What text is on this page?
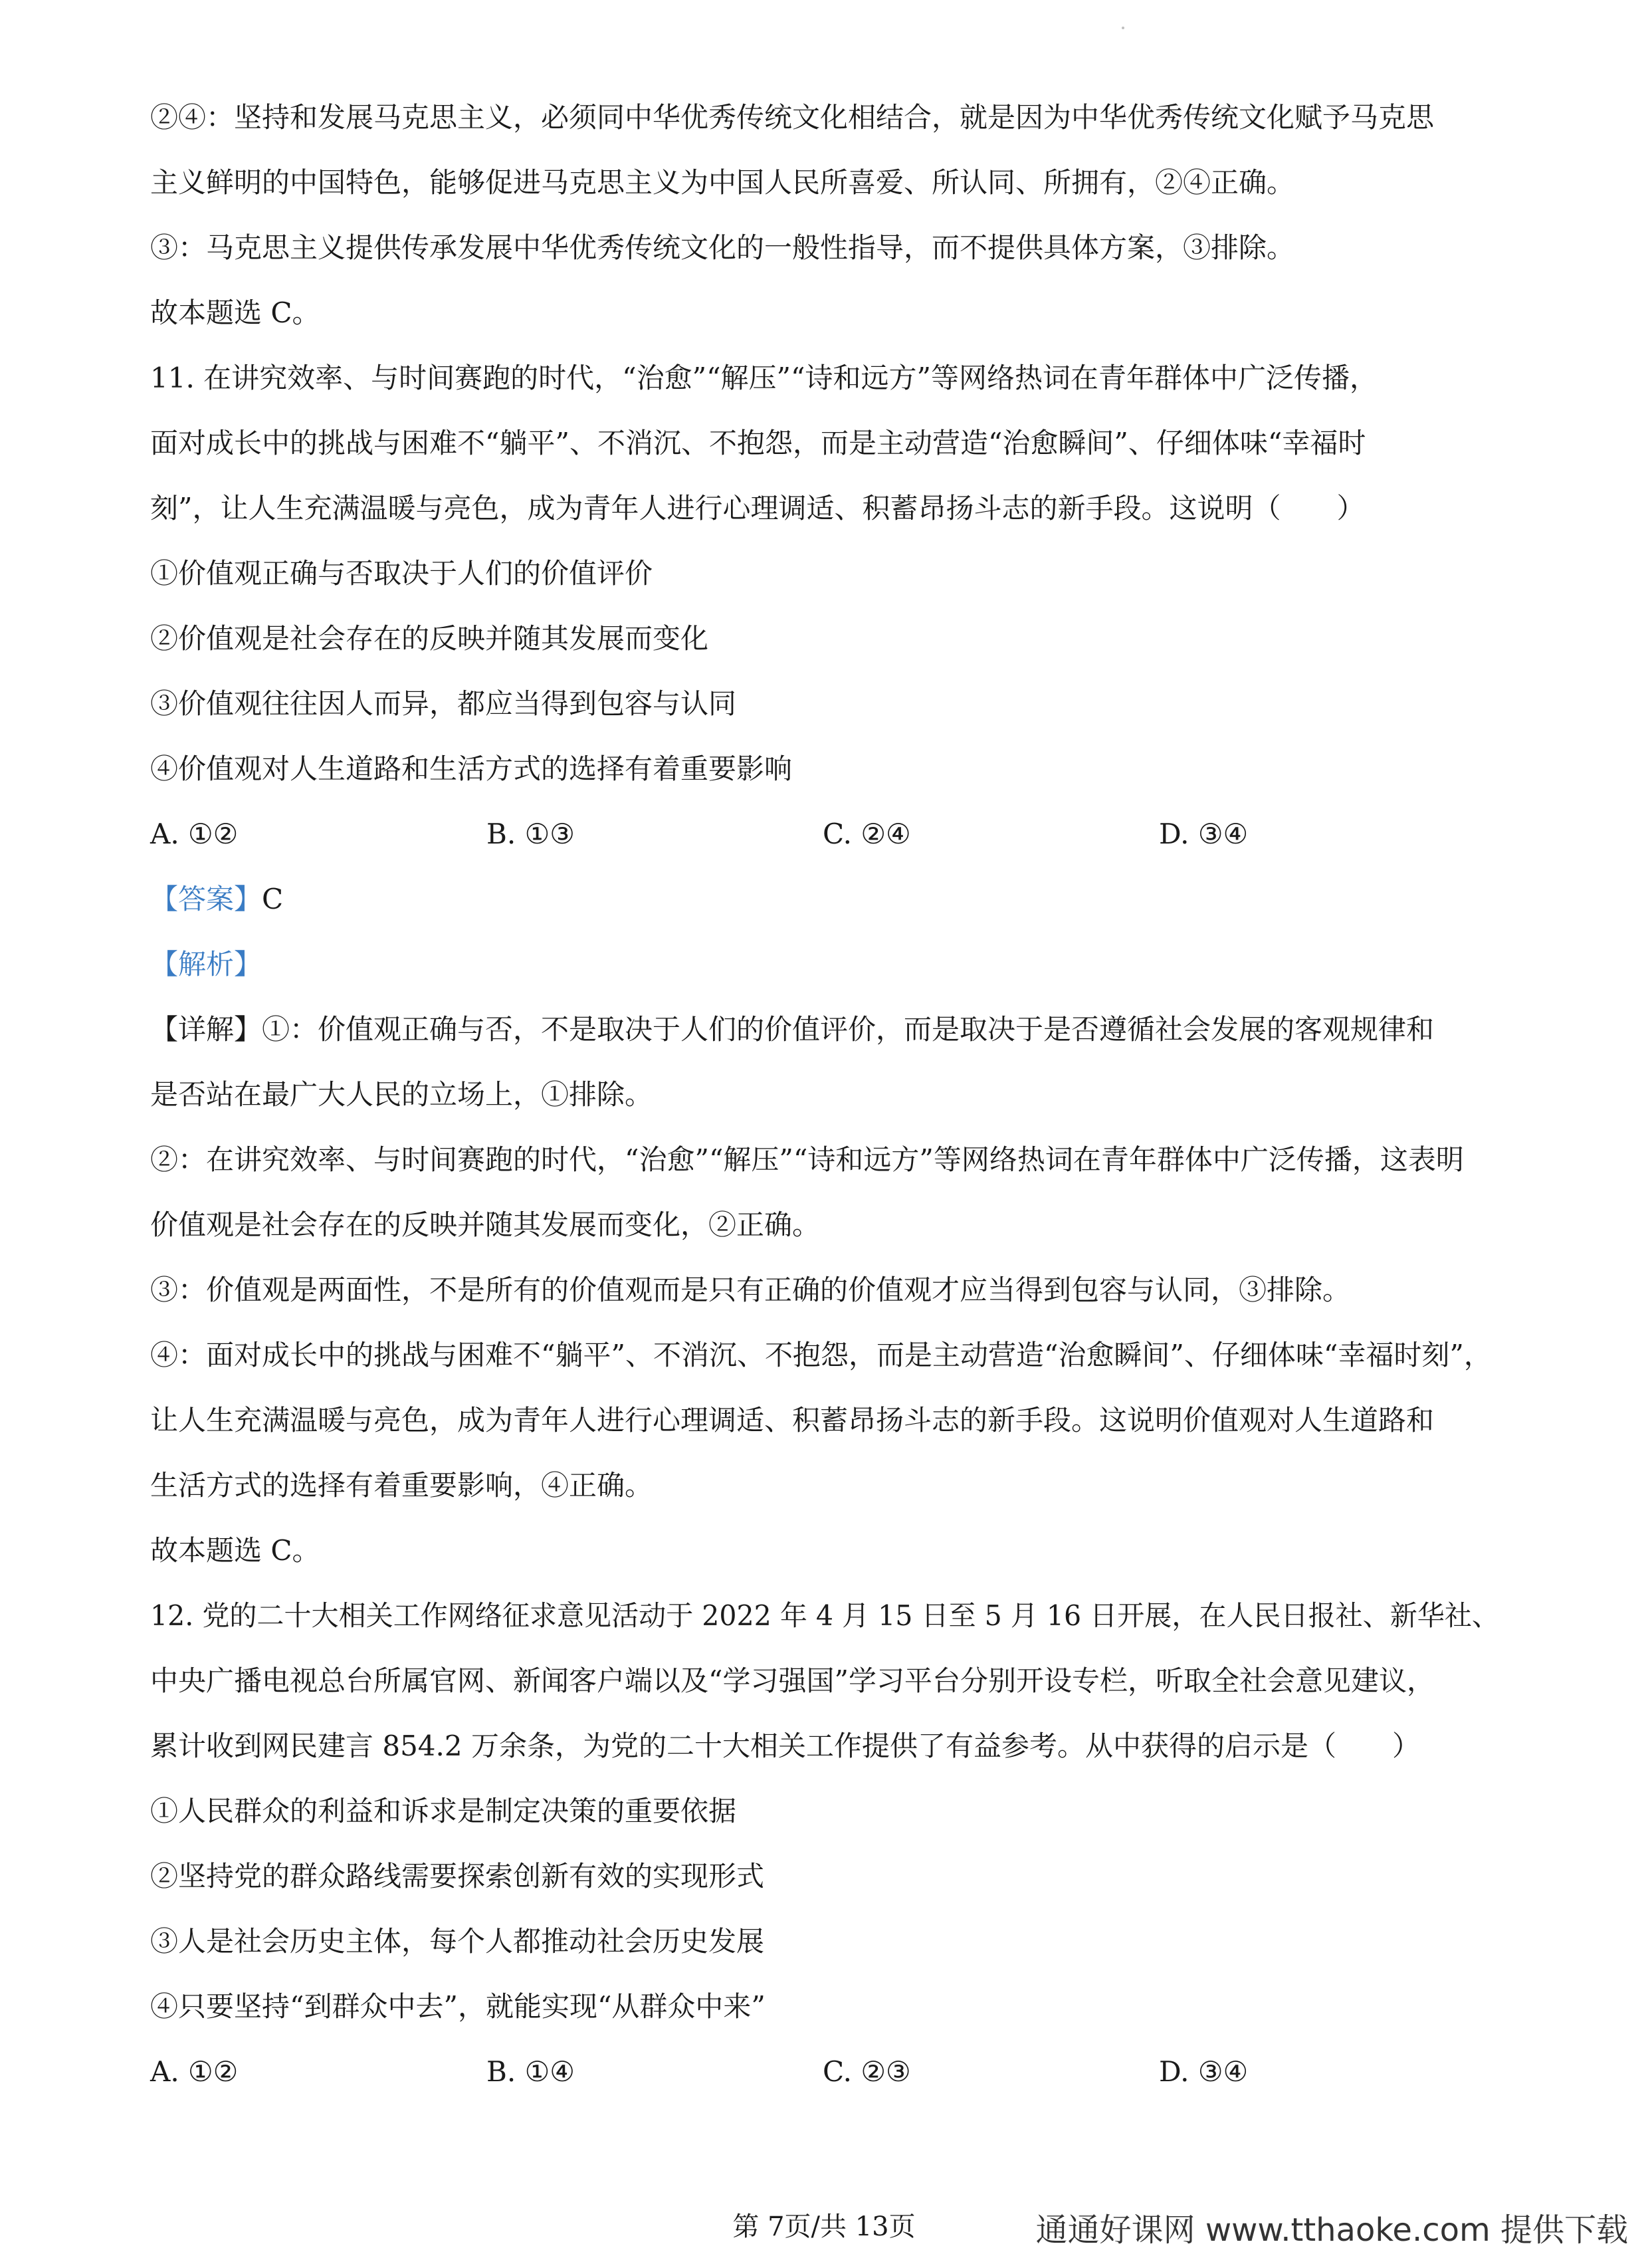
②④：坚持和发展马克思主义，必须同中华优秀传统文化相结合，就是因为中华优秀传统文化赋予马克思
主义鲜明的中国特色，能够促进马克思主义为中国人民所喜爱、所认同、所拥有，②④正确。
③：马克思主义提供传承发展中华优秀传统文化的一般性指导，而不提供具体方案，③排除。
故本题选 C。
11. 在讲究效率、与时间赛跑的时代，“治愈”“解压”“诗和远方”等网络热词在青年群体中广泛传播，
面对成长中的挑战与困难不“躺平”、不消沉、不抱怨，而是主动营造“治愈瞬间”、仔细体味“幸福时
刻”，让人生充满温暖与亮色，成为青年人进行心理调适、积蓄昂扬斗志的新手段。这说明（　　）
①价值观正确与否取决于人们的价值评价
②价值观是社会存在的反映并随其发展而变化
③价值观往往因人而异，都应当得到包容与认同
④价值观对人生道路和生活方式的选择有着重要影响
A. ①②	B. ①③	C. ②④	D. ③④
【答案】C
【解析】
【详解】①：价值观正确与否，不是取决于人们的价值评价，而是取决于是否遵循社会发展的客观规律和
是否站在最广大人民的立场上，①排除。
②：在讲究效率、与时间赛跑的时代，“治愈”“解压”“诗和远方”等网络热词在青年群体中广泛传播，这表明
价值观是社会存在的反映并随其发展而变化，②正确。
③：价值观是两面性，不是所有的价值观而是只有正确的价值观才应当得到包容与认同，③排除。
④：面对成长中的挑战与困难不“躺平”、不消沉、不抱怨，而是主动营造“治愈瞬间”、仔细体味“幸福时刻”，
让人生充满温暖与亮色，成为青年人进行心理调适、积蓄昂扬斗志的新手段。这说明价值观对人生道路和
生活方式的选择有着重要影响，④正确。
故本题选 C。
12. 党的二十大相关工作网络征求意见活动于 2022 年 4 月 15 日至 5 月 16 日开展，在人民日报社、新华社、
中央广播电视总台所属官网、新闻客户端以及“学习强国”学习平台分别开设专栏，听取全社会意见建议，
累计收到网民建言 854.2 万余条，为党的二十大相关工作提供了有益参考。从中获得的启示是（　　）
①人民群众的利益和诉求是制定决策的重要依据
②坚持党的群众路线需要探索创新有效的实现形式
③人是社会历史主体，每个人都推动社会历史发展
④只要坚持“到群众中去”，就能实现“从群众中来”
A. ①②	B. ①④	C. ②③	D. ③④
第 7页/共 13页	通通好课网 www.tthaoke.com 提供下载
